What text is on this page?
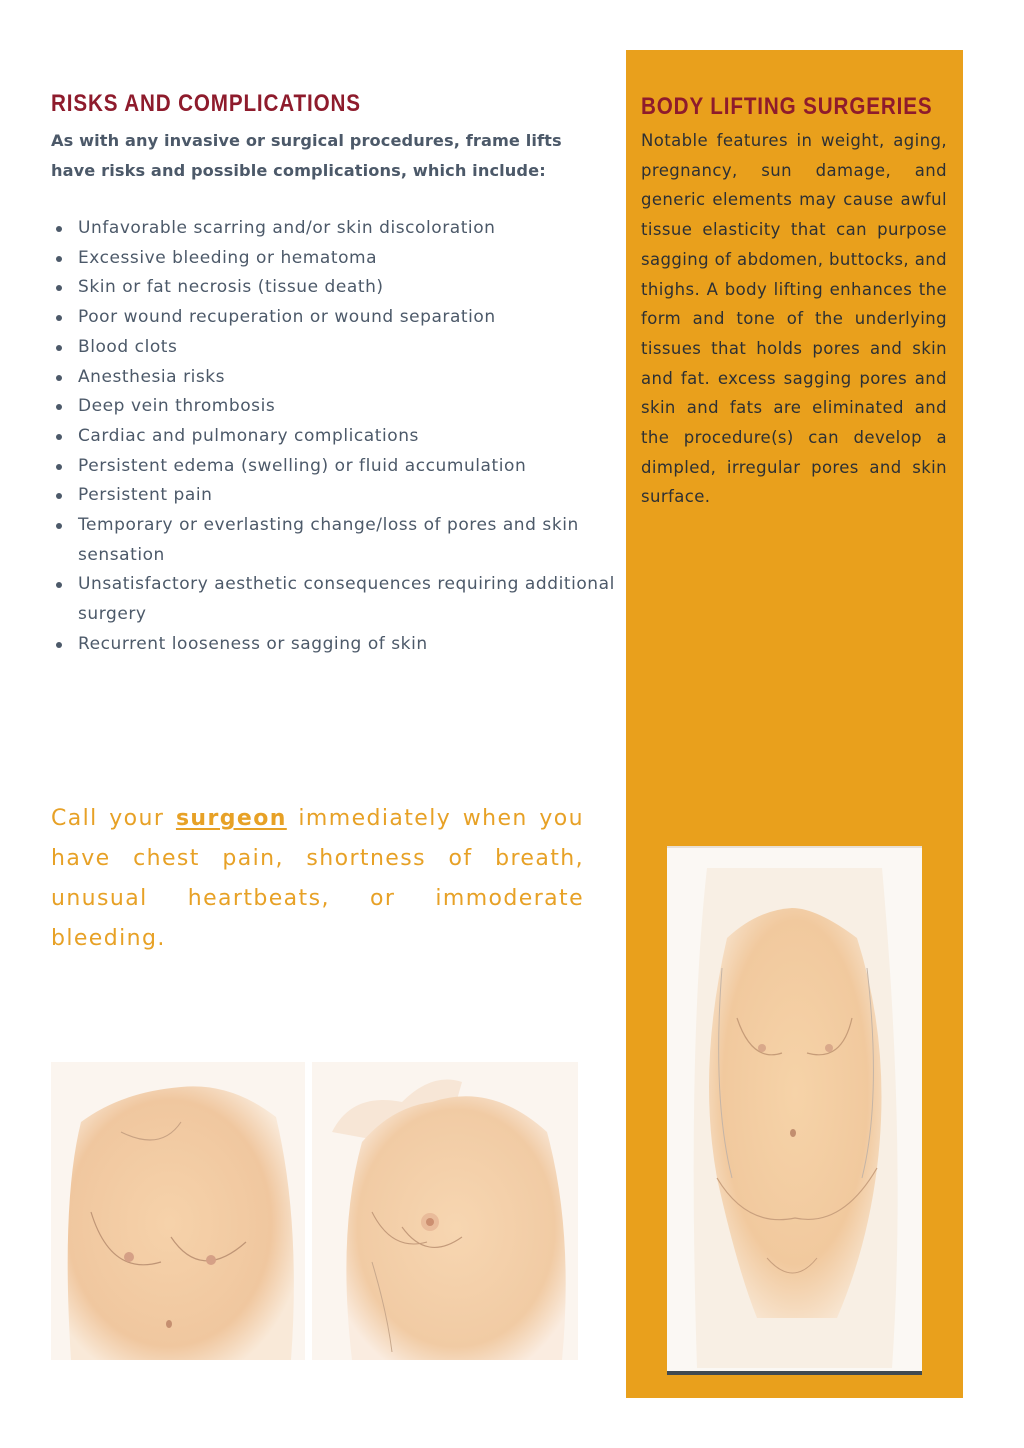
RISKS AND COMPLICATIONS
As with any invasive or surgical procedures, frame lifts have risks and possible complications, which include:
Unfavorable scarring and/or skin discoloration
Excessive bleeding or hematoma
Skin or fat necrosis (tissue death)
Poor wound recuperation or wound separation
Blood clots
Anesthesia risks
Deep vein thrombosis
Cardiac and pulmonary complications
Persistent edema (swelling) or fluid accumulation
Persistent pain
Temporary or everlasting change/loss of pores and skin sensation
Unsatisfactory aesthetic consequences requiring additional surgery
Recurrent looseness or sagging of skin
BODY LIFTING SURGERIES
Notable features in weight, aging, pregnancy, sun damage, and generic elements may cause awful tissue elasticity that can purpose sagging of abdomen, buttocks, and thighs. A body lifting enhances the form and tone of the underlying tissues that holds pores and skin and fat. excess sagging pores and skin and fats are eliminated and the procedure(s) can develop a dimpled, irregular pores and skin surface.
Call your surgeon immediately when you have chest pain, shortness of breath, unusual heartbeats, or immoderate bleeding.
